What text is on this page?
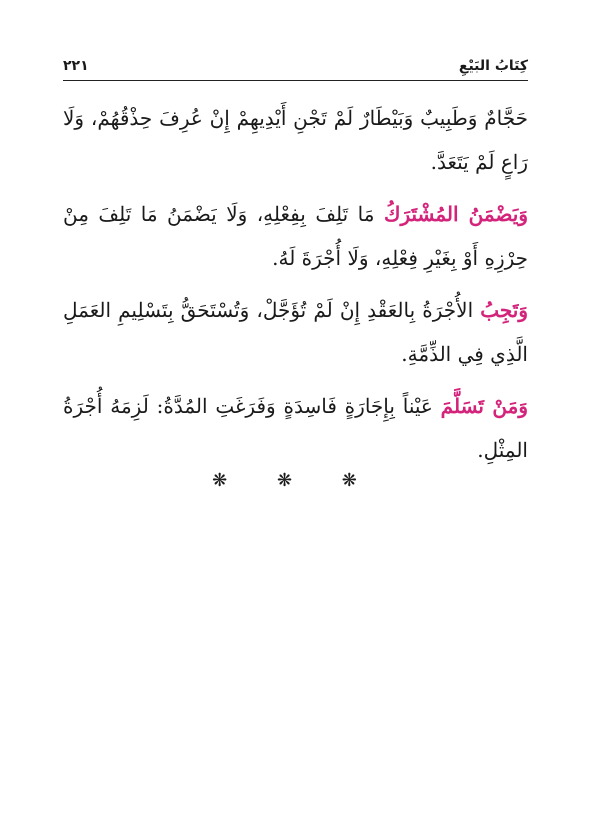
كِتَابُ البَيْعِ
٢٢١

حَجَّامٌ وَطَبِيبٌ وَبَيْطَارٌ لَمْ تَجْنِ أَيْدِيهِمْ إِنْ عُرِفَ حِذْقُهُمْ، وَلَا رَاعٍ لَمْ يَتَعَدَّ.

وَيَضْمَنُ المُشْتَرَكُ مَا تَلِفَ بِفِعْلِهِ، وَلَا يَضْمَنُ مَا تَلِفَ مِنْ حِرْزِهِ أَوْ بِغَيْرِ فِعْلِهِ، وَلَا أُجْرَةَ لَهُ.

وَتَجِبُ الأُجْرَةُ بِالعَقْدِ إِنْ لَمْ تُؤَجَّلْ، وَتُسْتَحَقُّ بِتَسْلِيمِ العَمَلِ الَّذِي فِي الذِّمَّةِ.

وَمَنْ تَسَلَّمَ عَيْناً بِإِجَارَةٍ فَاسِدَةٍ وَفَرَغَتِ المُدَّةُ: لَزِمَهُ أُجْرَةُ المِثْلِ.

❋ ❋ ❋
